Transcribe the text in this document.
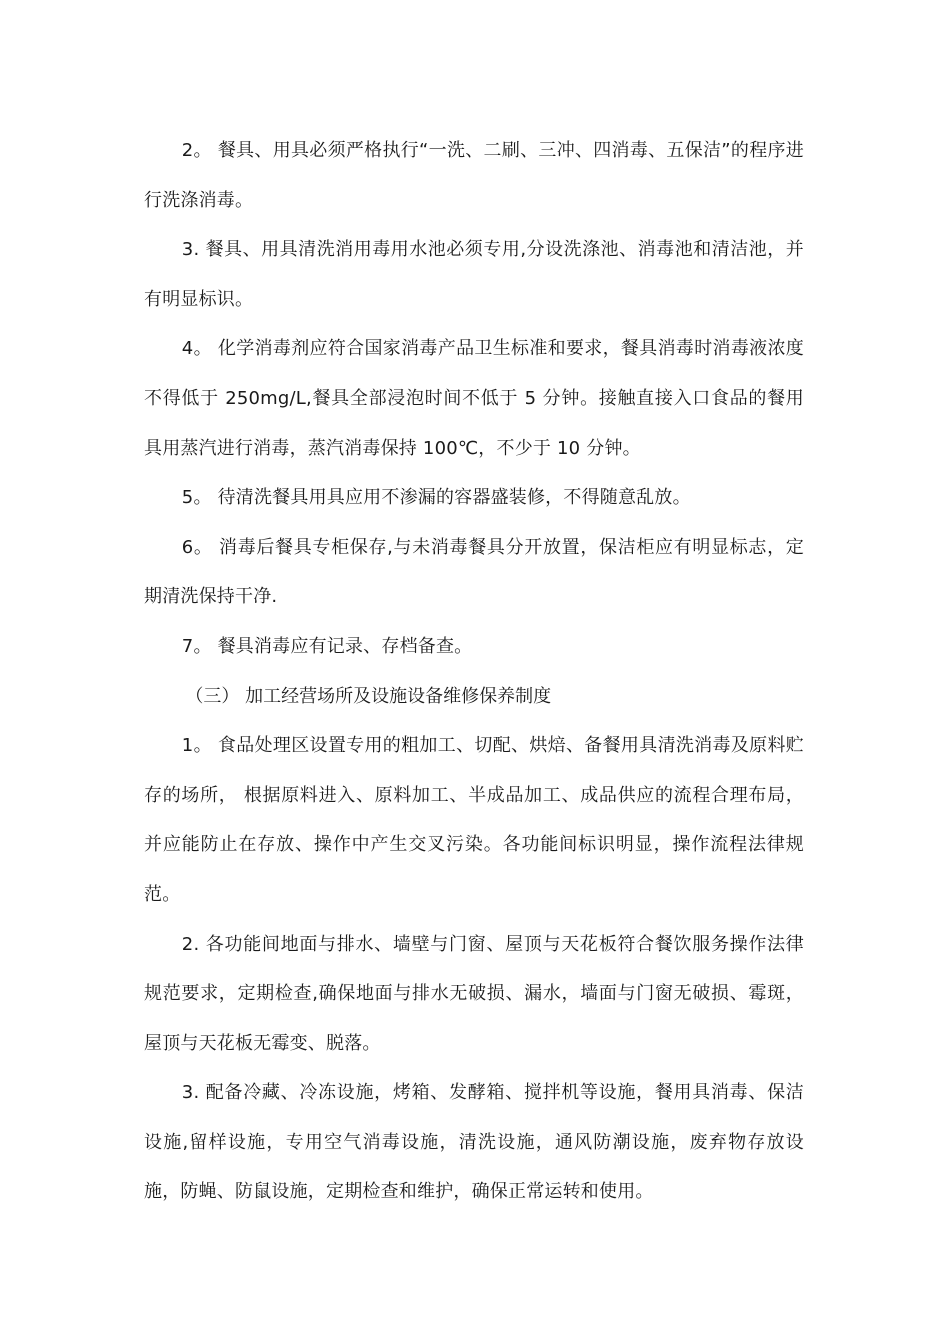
2。 餐具、用具必须严格执行“一洗、二刷、三冲、四消毒、五保洁”的程序进行洗涤消毒。

3. 餐具、用具清洗消用毒用水池必须专用,分设洗涤池、消毒池和清洁池，并有明显标识。

4。 化学消毒剂应符合国家消毒产品卫生标准和要求，餐具消毒时消毒液浓度不得低于 250mg/L,餐具全部浸泡时间不低于 5 分钟。接触直接入口食品的餐用具用蒸汽进行消毒，蒸汽消毒保持 100℃，不少于 10 分钟。

5。 待清洗餐具用具应用不渗漏的容器盛装修，不得随意乱放。

6。 消毒后餐具专柜保存,与未消毒餐具分开放置，保洁柜应有明显标志，定期清洗保持干净.

7。 餐具消毒应有记录、存档备查。

（三） 加工经营场所及设施设备维修保养制度

1。 食品处理区设置专用的粗加工、切配、烘焙、备餐用具清洗消毒及原料贮存的场所， 根据原料进入、原料加工、半成品加工、成品供应的流程合理布局，并应能防止在存放、操作中产生交叉污染。各功能间标识明显，操作流程法律规范。

2. 各功能间地面与排水、墙壁与门窗、屋顶与天花板符合餐饮服务操作法律规范要求，定期检查,确保地面与排水无破损、漏水，墙面与门窗无破损、霉斑，屋顶与天花板无霉变、脱落。

3. 配备冷藏、冷冻设施，烤箱、发酵箱、搅拌机等设施，餐用具消毒、保洁设施,留样设施，专用空气消毒设施，清洗设施，通风防潮设施，废弃物存放设施，防蝇、防鼠设施，定期检查和维护，确保正常运转和使用。
